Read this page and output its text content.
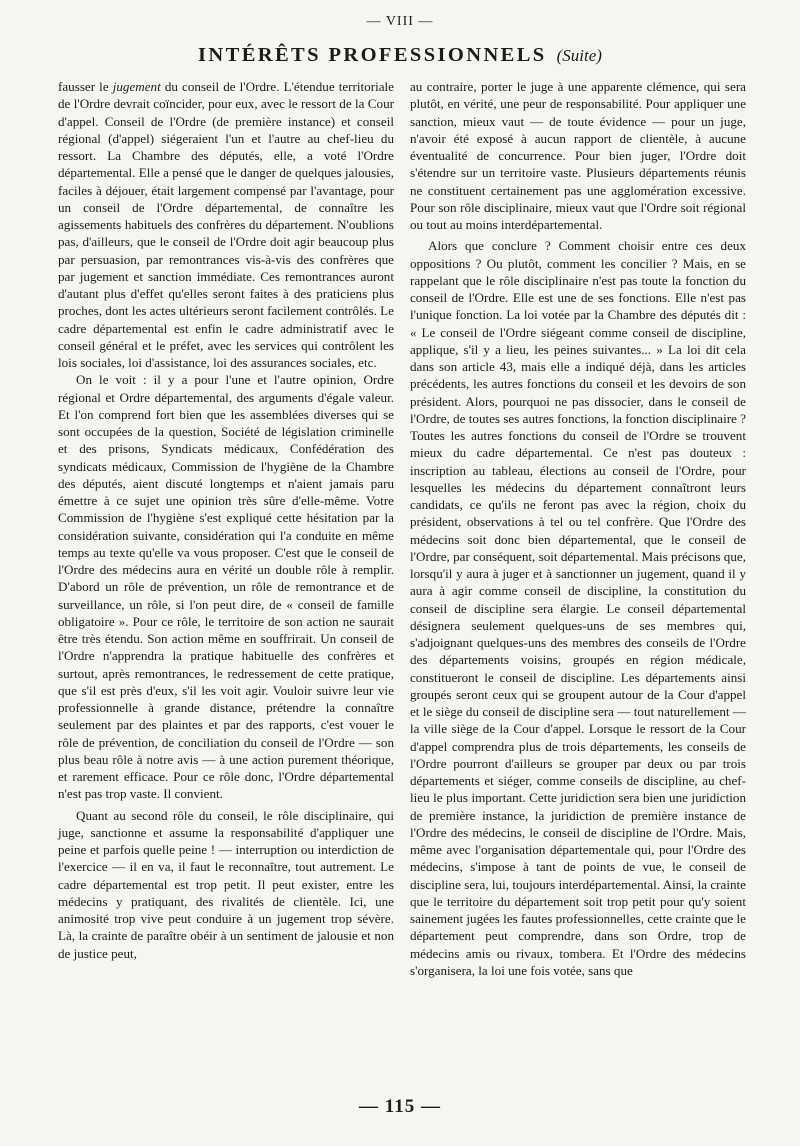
— VIII —
INTÉRÊTS PROFESSIONNELS (Suite)

fausser le jugement du conseil de l'Ordre. L'étendue territoriale de l'Ordre devrait coïncider, pour eux, avec le ressort de la Cour d'appel. Conseil de l'Ordre (de première instance) et conseil régional (d'appel) siégeraient l'un et l'autre au chef-lieu du ressort. La Chambre des députés, elle, a voté l'Ordre départemental. Elle a pensé que le danger de quelques jalousies, faciles à déjouer, était largement compensé par l'avantage, pour un conseil de l'Ordre départemental, de connaître les agissements habituels des confrères du département. N'oublions pas, d'ailleurs, que le conseil de l'Ordre doit agir beaucoup plus par persuasion, par remontrances vis-à-vis des confrères que par jugement et sanction immédiate. Ces remontrances auront d'autant plus d'effet qu'elles seront faites à des praticiens plus proches, dont les actes ultérieurs seront facilement contrôlés. Le cadre départemental est enfin le cadre administratif avec le conseil général et le préfet, avec les services qui contrôlent les lois sociales, loi d'assistance, loi des assurances sociales, etc.

On le voit : il y a pour l'une et l'autre opinion, Ordre régional et Ordre départemental, des arguments d'égale valeur. Et l'on comprend fort bien que les assemblées diverses qui se sont occupées de la question, Société de législation criminelle et des prisons, Syndicats médicaux, Confédération des syndicats médicaux, Commission de l'hygiène de la Chambre des députés, aient discuté longtemps et n'aient jamais paru émettre à ce sujet une opinion très sûre d'elle-même. Votre Commission de l'hygiène s'est expliqué cette hésitation par la considération suivante, considération qui l'a conduite en même temps au texte qu'elle va vous proposer. C'est que le conseil de l'Ordre des médecins aura en vérité un double rôle à remplir. D'abord un rôle de prévention, un rôle de remontrance et de surveillance, un rôle, si l'on peut dire, de « conseil de famille obligatoire ». Pour ce rôle, le territoire de son action ne saurait être très étendu. Son action même en souffrirait. Un conseil de l'Ordre n'apprendra la pratique habituelle des confrères et surtout, après remontrances, le redressement de cette pratique, que s'il est près d'eux, s'il les voit agir. Vouloir suivre leur vie professionnelle à grande distance, prétendre la connaître seulement par des plaintes et par des rapports, c'est vouer le rôle de prévention, de conciliation du conseil de l'Ordre — son plus beau rôle à notre avis — à une action purement théorique, et rarement efficace. Pour ce rôle donc, l'Ordre départemental n'est pas trop vaste. Il convient.

Quant au second rôle du conseil, le rôle disciplinaire, qui juge, sanctionne et assume la responsabilité d'appliquer une peine et parfois quelle peine ! — interruption ou interdiction de l'exercice — il en va, il faut le reconnaître, tout autrement. Le cadre départemental est trop petit. Il peut exister, entre les médecins y pratiquant, des rivalités de clientèle. Ici, une animosité trop vive peut conduire à un jugement trop sévère. Là, la crainte de paraître obéir à un sentiment de jalousie et non de justice peut,

au contraire, porter le juge à une apparente clémence, qui sera plutôt, en vérité, une peur de responsabilité. Pour appliquer une sanction, mieux vaut — de toute évidence — pour un juge, n'avoir été exposé à aucun rapport de clientèle, à aucune éventualité de concurrence. Pour bien juger, l'Ordre doit s'étendre sur un territoire vaste. Plusieurs départements réunis ne constituent certainement pas une agglomération excessive. Pour son rôle disciplinaire, mieux vaut que l'Ordre soit régional ou tout au moins interdépartemental.

Alors que conclure ? Comment choisir entre ces deux oppositions ? Ou plutôt, comment les concilier ? Mais, en se rappelant que le rôle disciplinaire n'est pas toute la fonction du conseil de l'Ordre. Elle est une de ses fonctions. Elle n'est pas l'unique fonction. La loi votée par la Chambre des députés dit : « Le conseil de l'Ordre siégeant comme conseil de discipline, applique, s'il y a lieu, les peines suivantes... » La loi dit cela dans son article 43, mais elle a indiqué déjà, dans les articles précédents, les autres fonctions du conseil et les devoirs de son président. Alors, pourquoi ne pas dissocier, dans le conseil de l'Ordre, de toutes ses autres fonctions, la fonction disciplinaire ? Toutes les autres fonctions du conseil de l'Ordre se trouvent mieux du cadre départemental. Ce n'est pas douteux : inscription au tableau, élections au conseil de l'Ordre, pour lesquelles les médecins du département connaîtront leurs candidats, ce qu'ils ne feront pas avec la région, choix du président, observations à tel ou tel confrère. Que l'Ordre des médecins soit donc bien départemental, que le conseil de l'Ordre, par conséquent, soit départemental. Mais précisons que, lorsqu'il y aura à juger et à sanctionner un jugement, quand il y aura à agir comme conseil de discipline, la constitution du conseil de discipline sera élargie. Le conseil départemental désignera seulement quelques-uns de ses membres qui, s'adjoignant quelques-uns des membres des conseils de l'Ordre des départements voisins, groupés en région médicale, constitueront le conseil de discipline. Les départements ainsi groupés seront ceux qui se groupent autour de la Cour d'appel et le siège du conseil de discipline sera — tout naturellement — la ville siège de la Cour d'appel. Lorsque le ressort de la Cour d'appel comprendra plus de trois départements, les conseils de l'Ordre pourront d'ailleurs se grouper par deux ou par trois départements et siéger, comme conseils de discipline, au chef-lieu le plus important. Cette juridiction sera bien une juridiction de première instance, la juridiction de première instance de l'Ordre des médecins, le conseil de discipline de l'Ordre. Mais, même avec l'organisation départementale qui, pour l'Ordre des médecins, s'impose à tant de points de vue, le conseil de discipline sera, lui, toujours interdépartemental. Ainsi, la crainte que le territoire du département soit trop petit pour qu'y soient sainement jugées les fautes professionnelles, cette crainte que le département peut comprendre, dans son Ordre, trop de médecins amis ou rivaux, tombera. Et l'Ordre des médecins s'organisera, la loi une fois votée, sans que

— 115 —
